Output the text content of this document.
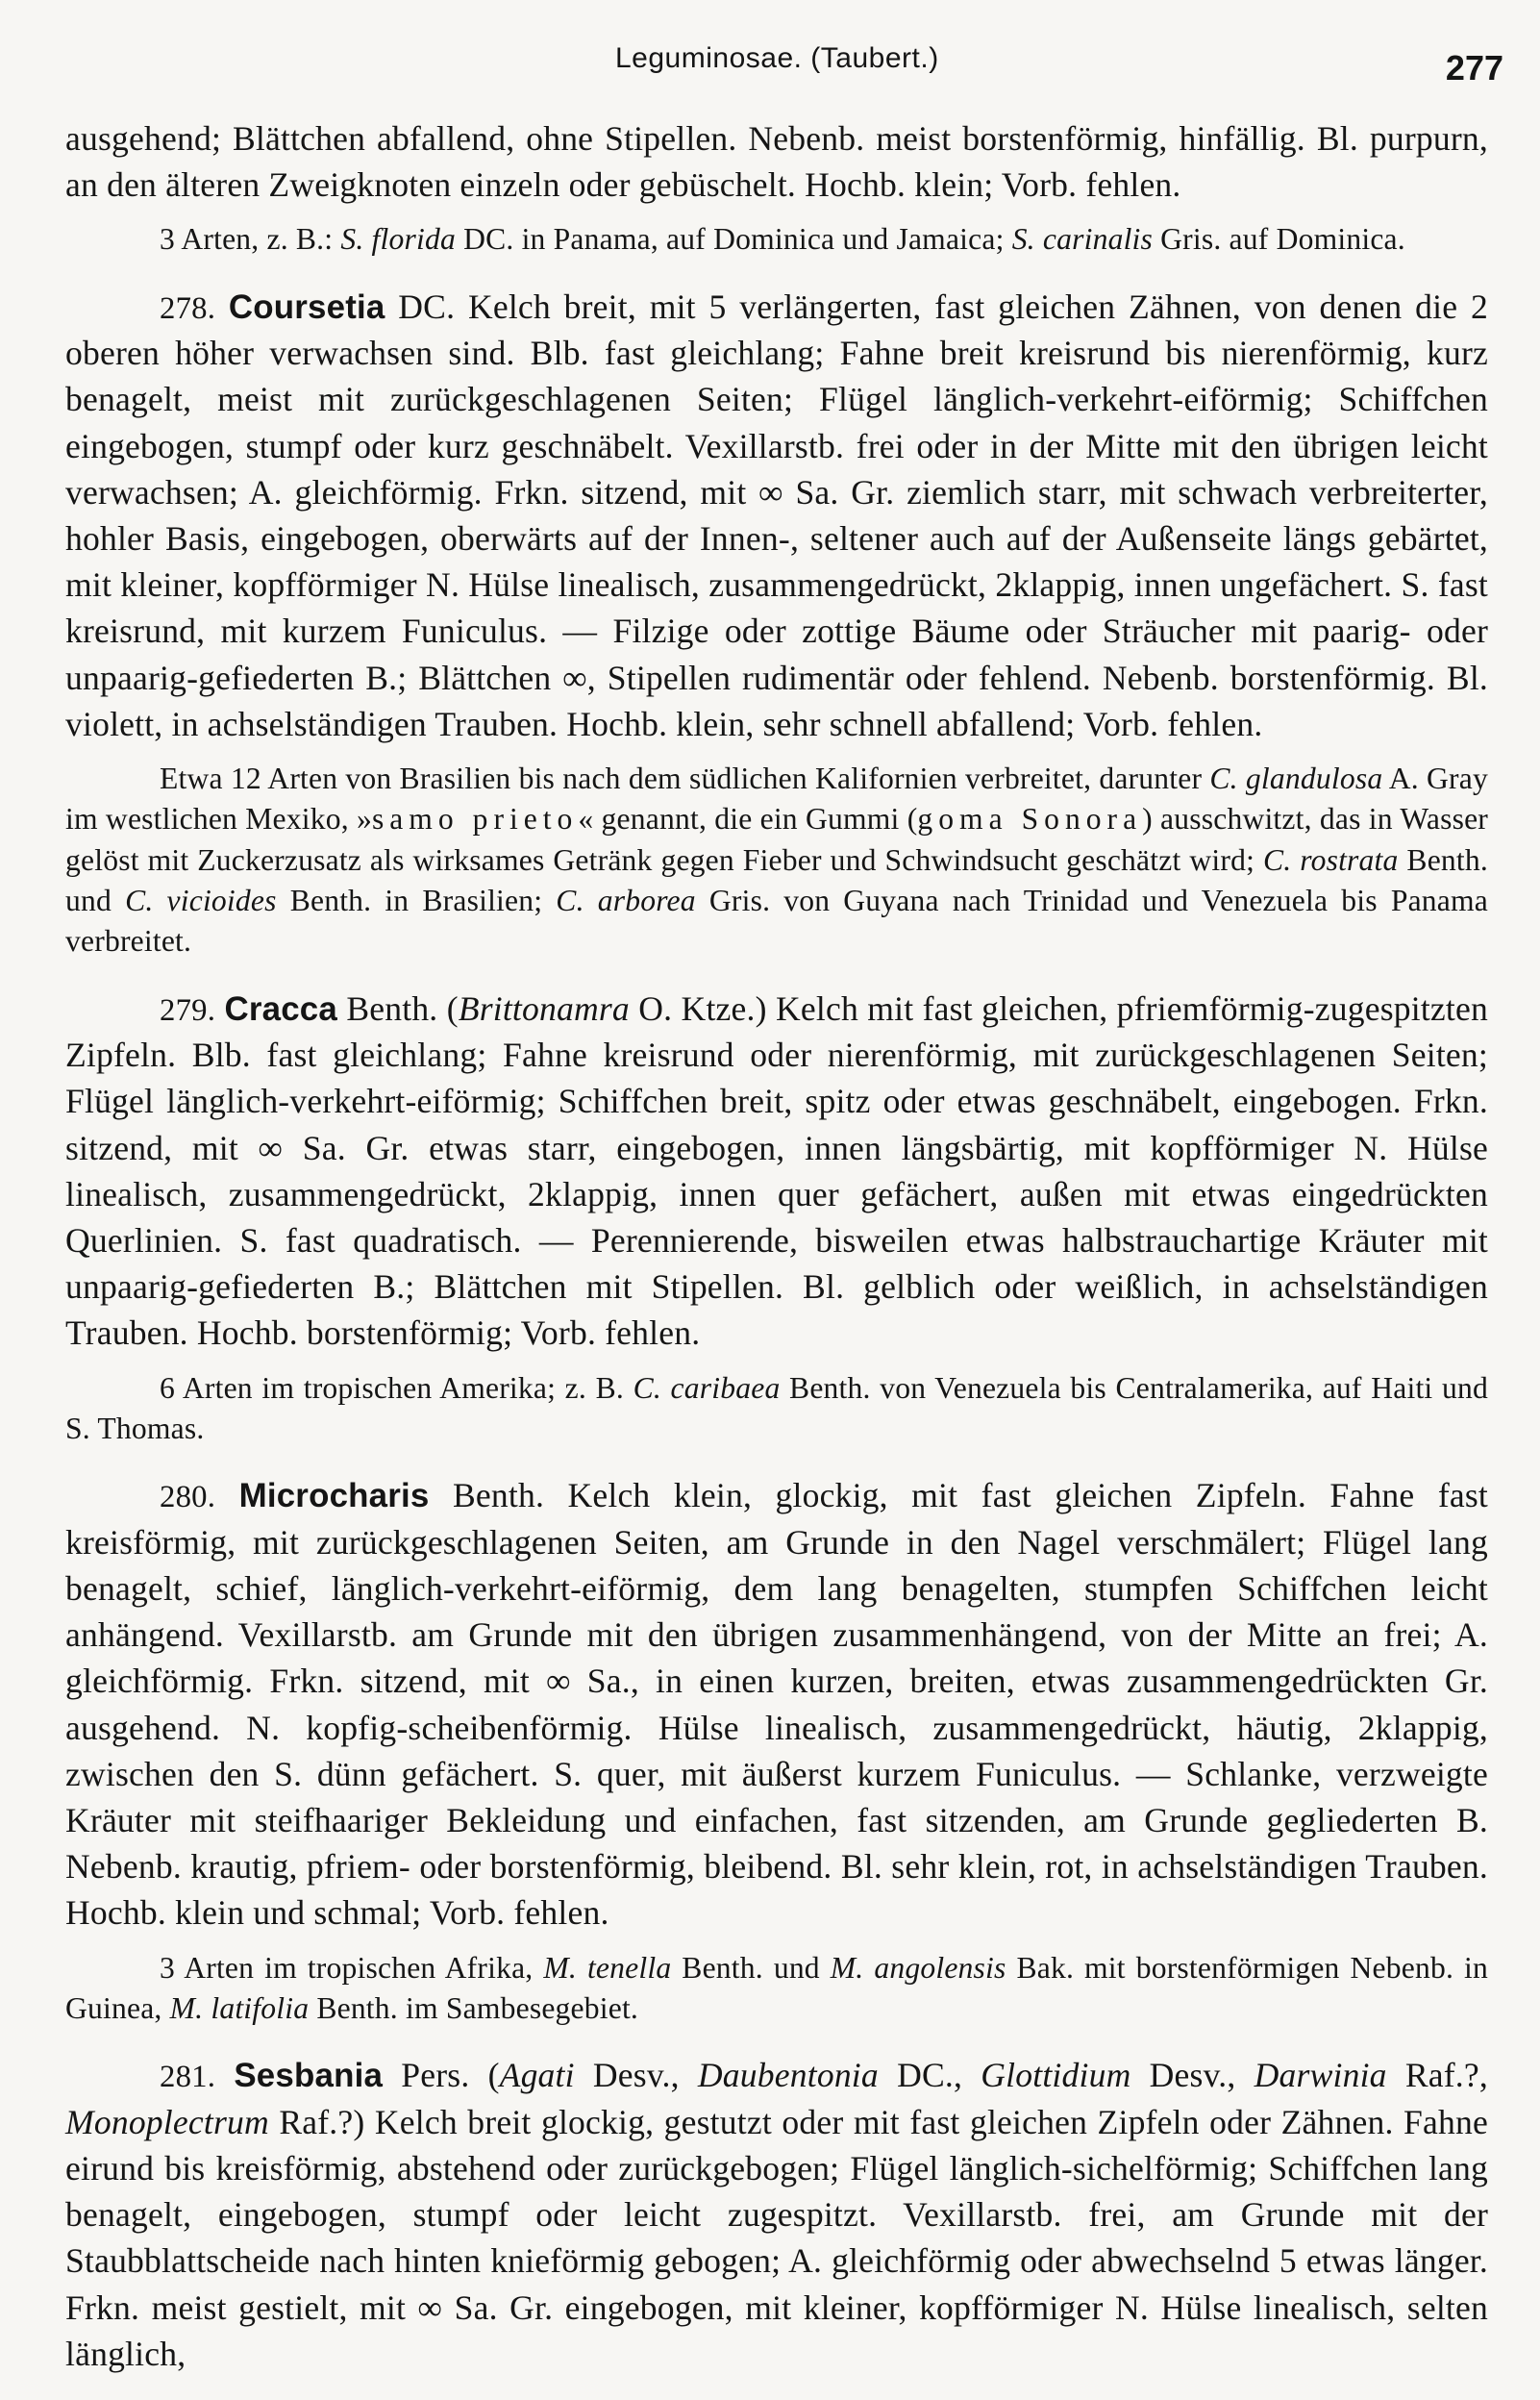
Leguminosae. (Taubert.)	277

ausgehend; Blättchen abfallend, ohne Stipellen. Nebenb. meist borstenförmig, hinfällig. Bl. purpurn, an den älteren Zweigknoten einzeln oder gebüschelt. Hochb. klein; Vorb. fehlen.

3 Arten, z. B.: S. florida DC. in Panama, auf Dominica und Jamaica; S. carinalis Gris. auf Dominica.

278. Coursetia DC. Kelch breit, mit 5 verlängerten, fast gleichen Zähnen, von denen die 2 oberen höher verwachsen sind. Blb. fast gleichlang; Fahne breit kreisrund bis nierenförmig, kurz benagelt, meist mit zurückgeschlagenen Seiten; Flügel länglich-verkehrt-eiförmig; Schiffchen eingebogen, stumpf oder kurz geschnäbelt. Vexillarstb. frei oder in der Mitte mit den übrigen leicht verwachsen; A. gleichförmig. Frkn. sitzend, mit ∞ Sa. Gr. ziemlich starr, mit schwach verbreiterter, hohler Basis, eingebogen, oberwärts auf der Innen-, seltener auch auf der Außenseite längs gebärtet, mit kleiner, kopfförmiger N. Hülse linealisch, zusammengedrückt, 2klappig, innen ungefächert. S. fast kreisrund, mit kurzem Funiculus. — Filzige oder zottige Bäume oder Sträucher mit paarig- oder unpaarig-gefiederten B.; Blättchen ∞, Stipellen rudimentär oder fehlend. Nebenb. borstenförmig. Bl. violett, in achselständigen Trauben. Hochb. klein, sehr schnell abfallend; Vorb. fehlen.

Etwa 12 Arten von Brasilien bis nach dem südlichen Kalifornien verbreitet, darunter C. glandulosa A. Gray im westlichen Mexiko, »samo prieto« genannt, die ein Gummi (goma Sonora) ausschwitzt, das in Wasser gelöst mit Zuckerzusatz als wirksames Getränk gegen Fieber und Schwindsucht geschätzt wird; C. rostrata Benth. und C. vicioides Benth. in Brasilien; C. arborea Gris. von Guyana nach Trinidad und Venezuela bis Panama verbreitet.

279. Cracca Benth. (Brittonamra O. Ktze.) Kelch mit fast gleichen, pfriemförmig-zugespitzten Zipfeln. Blb. fast gleichlang; Fahne kreisrund oder nierenförmig, mit zurückgeschlagenen Seiten; Flügel länglich-verkehrt-eiförmig; Schiffchen breit, spitz oder etwas geschnäbelt, eingebogen. Frkn. sitzend, mit ∞ Sa. Gr. etwas starr, eingebogen, innen längsbärtig, mit kopfförmiger N. Hülse linealisch, zusammengedrückt, 2klappig, innen quer gefächert, außen mit etwas eingedrückten Querlinien. S. fast quadratisch. — Perennierende, bisweilen etwas halbstrauchartige Kräuter mit unpaarig-gefiederten B.; Blättchen mit Stipellen. Bl. gelblich oder weißlich, in achselständigen Trauben. Hochb. borstenförmig; Vorb. fehlen.

6 Arten im tropischen Amerika; z. B. C. caribaea Benth. von Venezuela bis Centralamerika, auf Haiti und S. Thomas.

280. Microcharis Benth. Kelch klein, glockig, mit fast gleichen Zipfeln. Fahne fast kreisförmig, mit zurückgeschlagenen Seiten, am Grunde in den Nagel verschmälert; Flügel lang benagelt, schief, länglich-verkehrt-eiförmig, dem lang benagelten, stumpfen Schiffchen leicht anhängend. Vexillarstb. am Grunde mit den übrigen zusammenhängend, von der Mitte an frei; A. gleichförmig. Frkn. sitzend, mit ∞ Sa., in einen kurzen, breiten, etwas zusammengedrückten Gr. ausgehend. N. kopfig-scheibenförmig. Hülse linealisch, zusammengedrückt, häutig, 2klappig, zwischen den S. dünn gefächert. S. quer, mit äußerst kurzem Funiculus. — Schlanke, verzweigte Kräuter mit steifhaariger Bekleidung und einfachen, fast sitzenden, am Grunde gegliederten B. Nebenb. krautig, pfriem- oder borstenförmig, bleibend. Bl. sehr klein, rot, in achselständigen Trauben. Hochb. klein und schmal; Vorb. fehlen.

3 Arten im tropischen Afrika, M. tenella Benth. und M. angolensis Bak. mit borstenförmigen Nebenb. in Guinea, M. latifolia Benth. im Sambesegebiet.

281. Sesbania Pers. (Agati Desv., Daubentonia DC., Glottidium Desv., Darwinia Raf.?, Monoplectrum Raf.?) Kelch breit glockig, gestutzt oder mit fast gleichen Zipfeln oder Zähnen. Fahne eirund bis kreisförmig, abstehend oder zurückgebogen; Flügel länglich-sichelförmig; Schiffchen lang benagelt, eingebogen, stumpf oder leicht zugespitzt. Vexillarstb. frei, am Grunde mit der Staubblattscheide nach hinten knieförmig gebogen; A. gleichförmig oder abwechselnd 5 etwas länger. Frkn. meist gestielt, mit ∞ Sa. Gr. eingebogen, mit kleiner, kopfförmiger N. Hülse linealisch, selten länglich,
